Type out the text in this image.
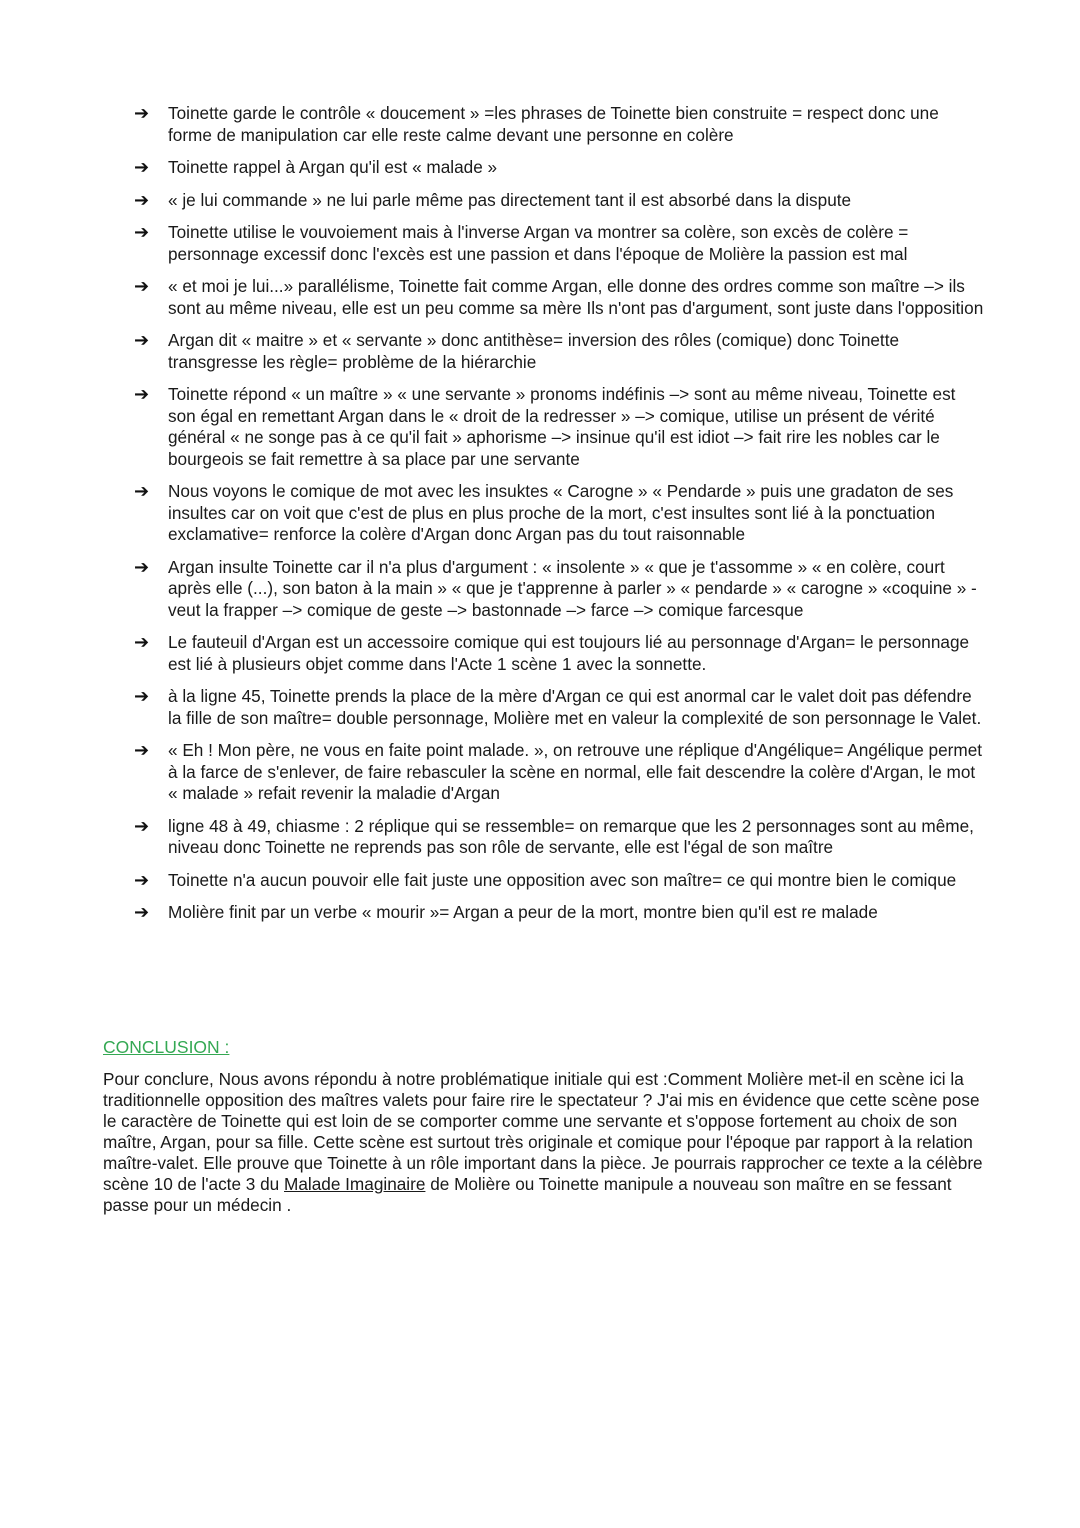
➔ Toinette garde le contrôle « doucement » =les phrases de Toinette bien construite = respect donc une forme de manipulation car elle reste calme devant une personne en colère
➔ Toinette rappel à Argan qu'il est « malade »
➔ « je lui commande » ne lui parle même pas directement tant il est absorbé dans la dispute
➔ Toinette utilise le vouvoiement mais à l'inverse Argan va montrer sa colère, son excès de colère = personnage excessif donc l'excès est une passion et dans l'époque de Molière la passion est mal
➔ « et moi je lui...» parallélisme, Toinette fait comme Argan, elle donne des ordres comme son maître –> ils sont au même niveau, elle est un peu comme sa mère Ils n'ont pas d'argument, sont juste dans l'opposition
➔ Argan dit « maitre » et « servante » donc antithèse= inversion des rôles (comique) donc Toinette transgresse les règle= problème de la hiérarchie
➔ Toinette répond « un maître » « une servante » pronoms indéfinis –> sont au même niveau, Toinette est son égal en remettant Argan dans le « droit de la redresser » –> comique, utilise un présent de vérité général « ne songe pas à ce qu'il fait » aphorisme –> insinue qu'il est idiot –> fait rire les nobles car le bourgeois se fait remettre à sa place par une servante
➔ Nous voyons le comique de mot avec les insuktes « Carogne » « Pendarde » puis une gradaton de ses insultes car on voit que c'est de plus en plus proche de la mort, c'est insultes sont lié à la ponctuation exclamative= renforce la colère d'Argan donc Argan pas du tout raisonnable
➔ Argan insulte Toinette car il n'a plus d'argument : « insolente » « que je t'assomme » « en colère, court après elle (...), son baton à la main » « que je t'apprenne à parler » « pendarde » « carogne » «coquine » - veut la frapper –> comique de geste –> bastonnade –> farce –> comique farcesque
➔ Le fauteuil d'Argan est un accessoire comique qui est toujours lié au personnage d'Argan= le personnage est lié à plusieurs objet comme dans l'Acte 1 scène 1 avec la sonnette.
➔ à la ligne 45, Toinette prends la place de la mère d'Argan ce qui est anormal car le valet doit pas défendre la fille de son maître= double personnage, Molière met en valeur la complexité de son personnage le Valet.
➔ « Eh ! Mon père, ne vous en faite point malade. », on retrouve une réplique d'Angélique= Angélique permet à la farce de s'enlever, de faire rebasculer la scène en normal, elle fait descendre la colère d'Argan, le mot « malade » refait revenir la maladie d'Argan
➔ ligne 48 à 49, chiasme : 2 réplique qui se ressemble= on remarque que les 2 personnages sont au même, niveau donc Toinette ne reprends pas son rôle de servante, elle est l'égal de son maître
➔ Toinette n'a aucun pouvoir elle fait juste une opposition avec son maître= ce qui montre bien le comique
➔ Molière finit par un verbe « mourir »= Argan a peur de la mort, montre bien qu'il est re malade
CONCLUSION :

Pour conclure, Nous avons répondu à notre problématique initiale qui est :Comment Molière met-il en scène ici la traditionnelle opposition des maîtres valets pour faire rire le spectateur ? J'ai mis en évidence que cette scène pose le caractère de Toinette qui est loin de se comporter comme une servante et s'oppose fortement au choix de son maître, Argan, pour sa fille. Cette scène est surtout très originale et comique pour l'époque par rapport à la relation maître-valet. Elle prouve que Toinette à un rôle important dans la pièce. Je pourrais rapprocher ce texte a la célèbre scène 10 de l'acte 3 du Malade Imaginaire de Molière ou Toinette manipule a nouveau son maître en se fessant passe pour un médecin .
